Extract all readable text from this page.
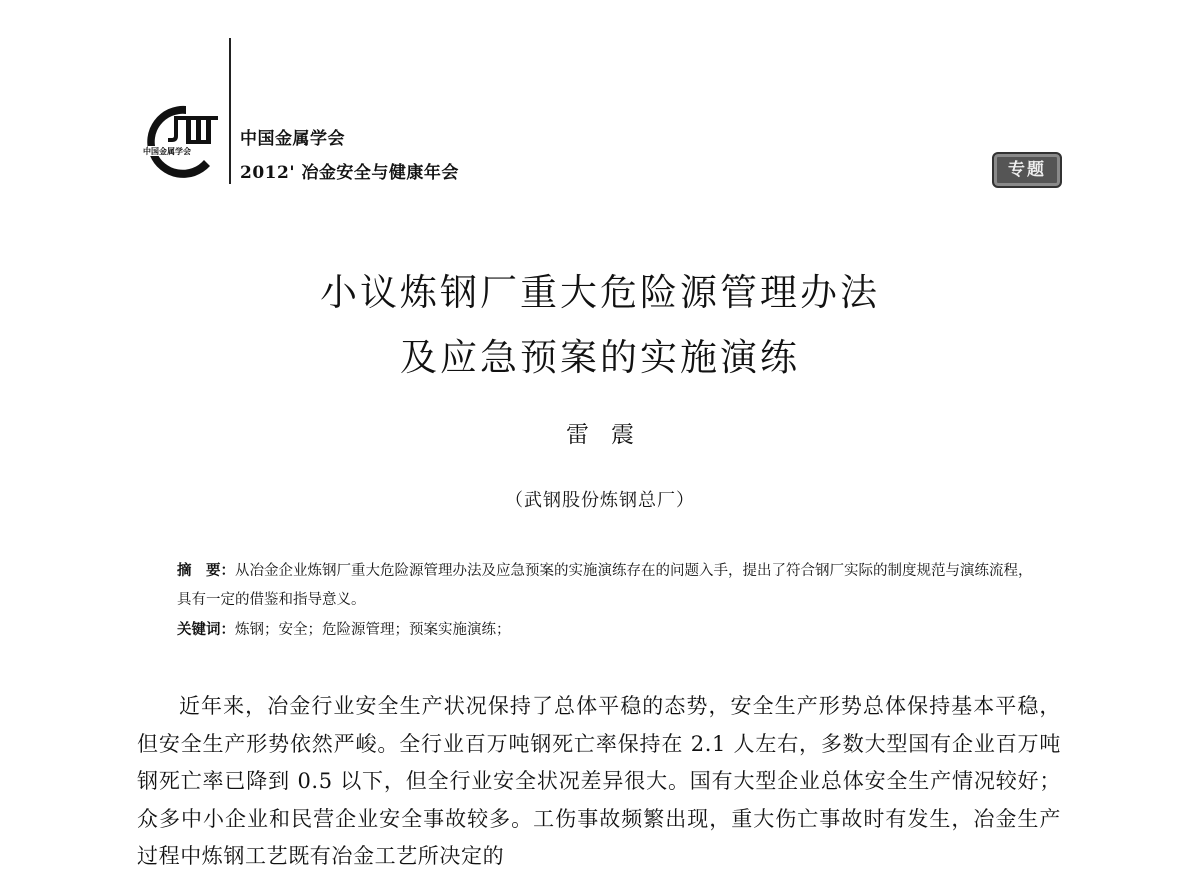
中国金属学会
中国金属学会
2012' 冶金安全与健康年会	专题
小议炼钢厂重大危险源管理办法
及应急预案的实施演练
雷震
（武钢股份炼钢总厂）

摘　要：从冶金企业炼钢厂重大危险源管理办法及应急预案的实施演练存在的问题入手，提出了符合钢厂实际的制度规范与演练流程，具有一定的借鉴和指导意义。

关键词：炼钢；安全；危险源管理；预案实施演练；

近年来，冶金行业安全生产状况保持了总体平稳的态势，安全生产形势总体保持基本平稳，但安全生产形势依然严峻。全行业百万吨钢死亡率保持在 2.1 人左右，多数大型国有企业百万吨钢死亡率已降到 0.5 以下，但全行业安全状况差异很大。国有大型企业总体安全生产情况较好；众多中小企业和民营企业安全事故较多。工伤事故频繁出现，重大伤亡事故时有发生，冶金生产过程中炼钢工艺既有冶金工艺所决定的
